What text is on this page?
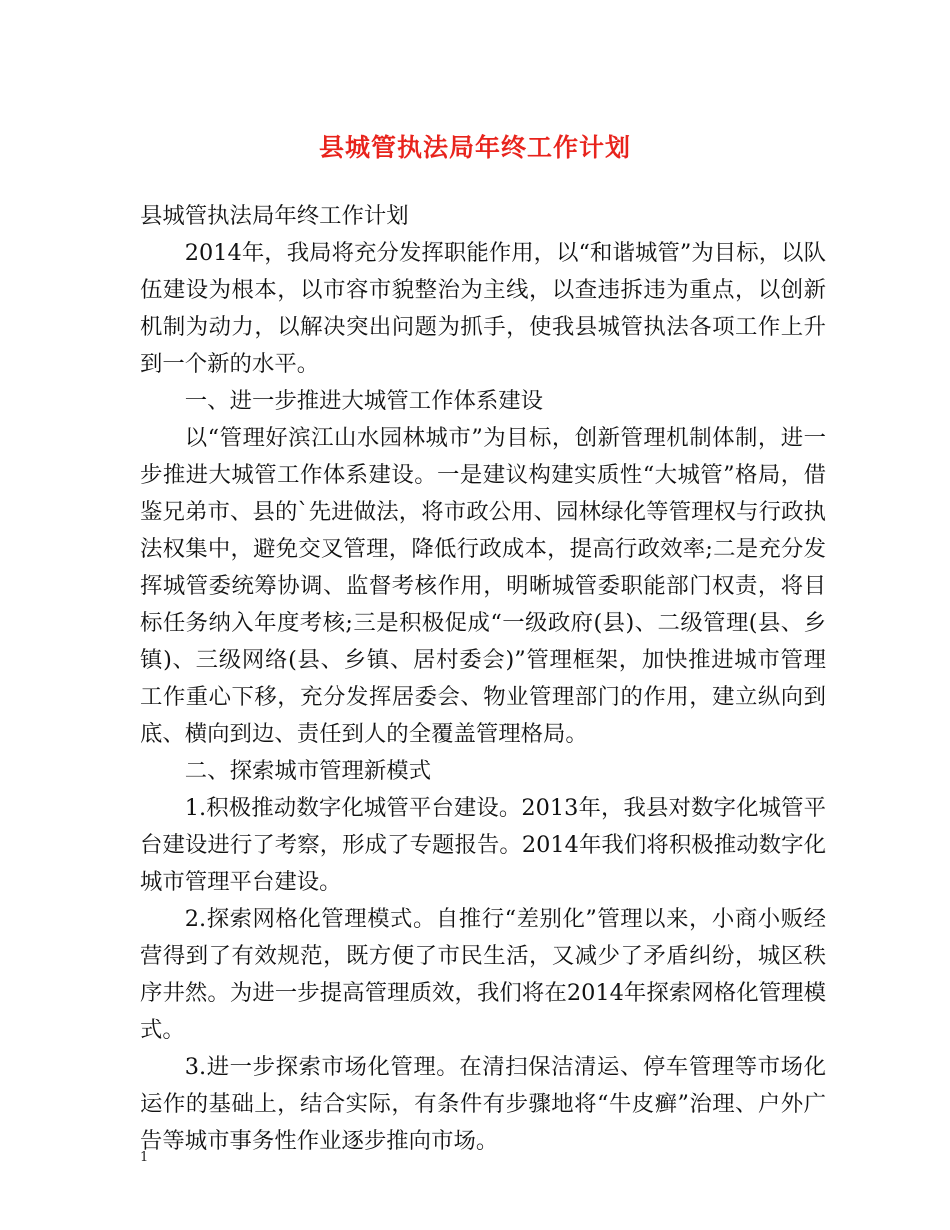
县城管执法局年终工作计划

县城管执法局年终工作计划

2014年，我局将充分发挥职能作用，以“和谐城管”为目标，以队伍建设为根本，以市容市貌整治为主线，以查违拆违为重点，以创新机制为动力，以解决突出问题为抓手，使我县城管执法各项工作上升到一个新的水平。

一、进一步推进大城管工作体系建设

以“管理好滨江山水园林城市”为目标，创新管理机制体制，进一步推进大城管工作体系建设。一是建议构建实质性“大城管”格局，借鉴兄弟市、县的`先进做法，将市政公用、园林绿化等管理权与行政执法权集中，避免交叉管理，降低行政成本，提高行政效率;二是充分发挥城管委统筹协调、监督考核作用，明晰城管委职能部门权责，将目标任务纳入年度考核;三是积极促成“一级政府(县)、二级管理(县、乡镇)、三级网络(县、乡镇、居村委会)”管理框架，加快推进城市管理工作重心下移，充分发挥居委会、物业管理部门的作用，建立纵向到底、横向到边、责任到人的全覆盖管理格局。

二、探索城市管理新模式

1.积极推动数字化城管平台建设。2013年，我县对数字化城管平台建设进行了考察，形成了专题报告。2014年我们将积极推动数字化城市管理平台建设。

2.探索网格化管理模式。自推行“差别化”管理以来，小商小贩经营得到了有效规范，既方便了市民生活，又减少了矛盾纠纷，城区秩序井然。为进一步提高管理质效，我们将在2014年探索网格化管理模式。

3.进一步探索市场化管理。在清扫保洁清运、停车管理等市场化运作的基础上，结合实际，有条件有步骤地将“牛皮癣”治理、户外广告等城市事务性作业逐步推向市场。

1
